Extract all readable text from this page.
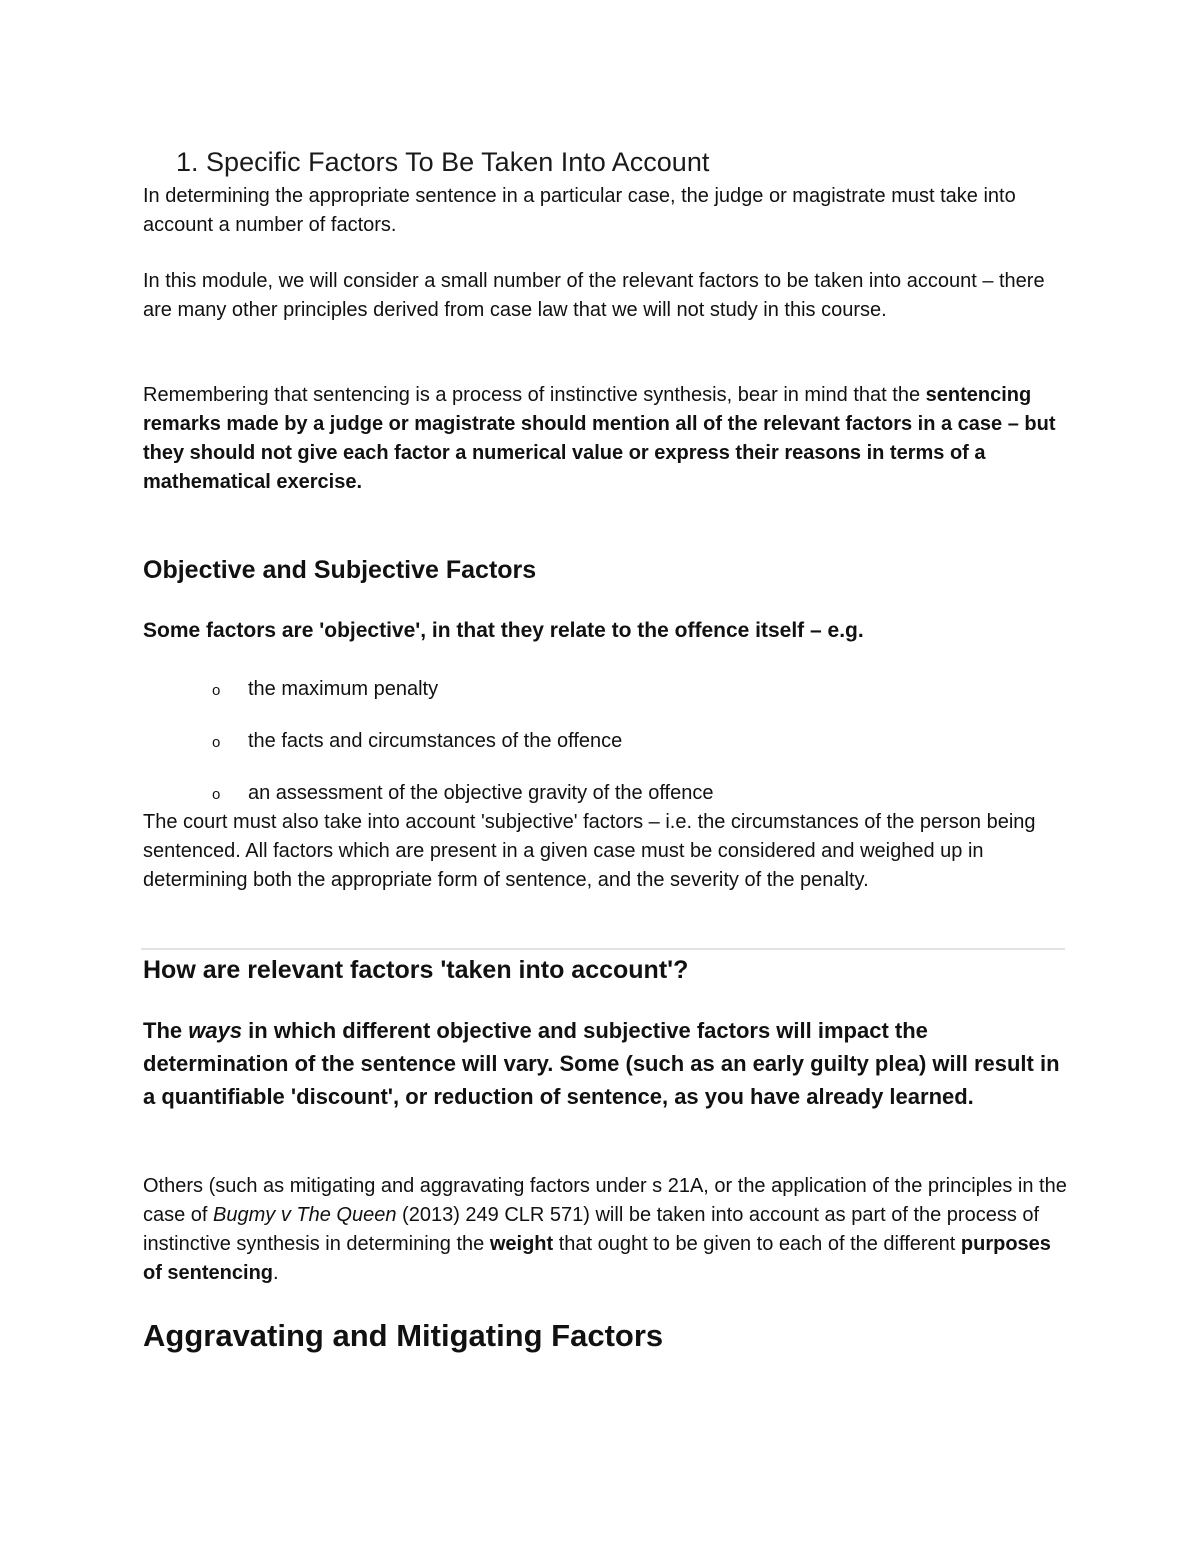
1. Specific Factors To Be Taken Into Account

In determining the appropriate sentence in a particular case, the judge or magistrate must take into account a number of factors.

In this module, we will consider a small number of the relevant factors to be taken into account – there are many other principles derived from case law that we will not study in this course.

Remembering that sentencing is a process of instinctive synthesis, bear in mind that the sentencing remarks made by a judge or magistrate should mention all of the relevant factors in a case – but they should not give each factor a numerical value or express their reasons in terms of a mathematical exercise.

Objective and Subjective Factors

Some factors are 'objective', in that they relate to the offence itself – e.g.

o the maximum penalty
o the facts and circumstances of the offence
o an assessment of the objective gravity of the offence

The court must also take into account 'subjective' factors – i.e. the circumstances of the person being sentenced. All factors which are present in a given case must be considered and weighed up in determining both the appropriate form of sentence, and the severity of the penalty.

How are relevant factors 'taken into account'?

The ways in which different objective and subjective factors will impact the determination of the sentence will vary. Some (such as an early guilty plea) will result in a quantifiable 'discount', or reduction of sentence, as you have already learned.

Others (such as mitigating and aggravating factors under s 21A, or the application of the principles in the case of Bugmy v The Queen (2013) 249 CLR 571) will be taken into account as part of the process of instinctive synthesis in determining the weight that ought to be given to each of the different purposes of sentencing.

Aggravating and Mitigating Factors
